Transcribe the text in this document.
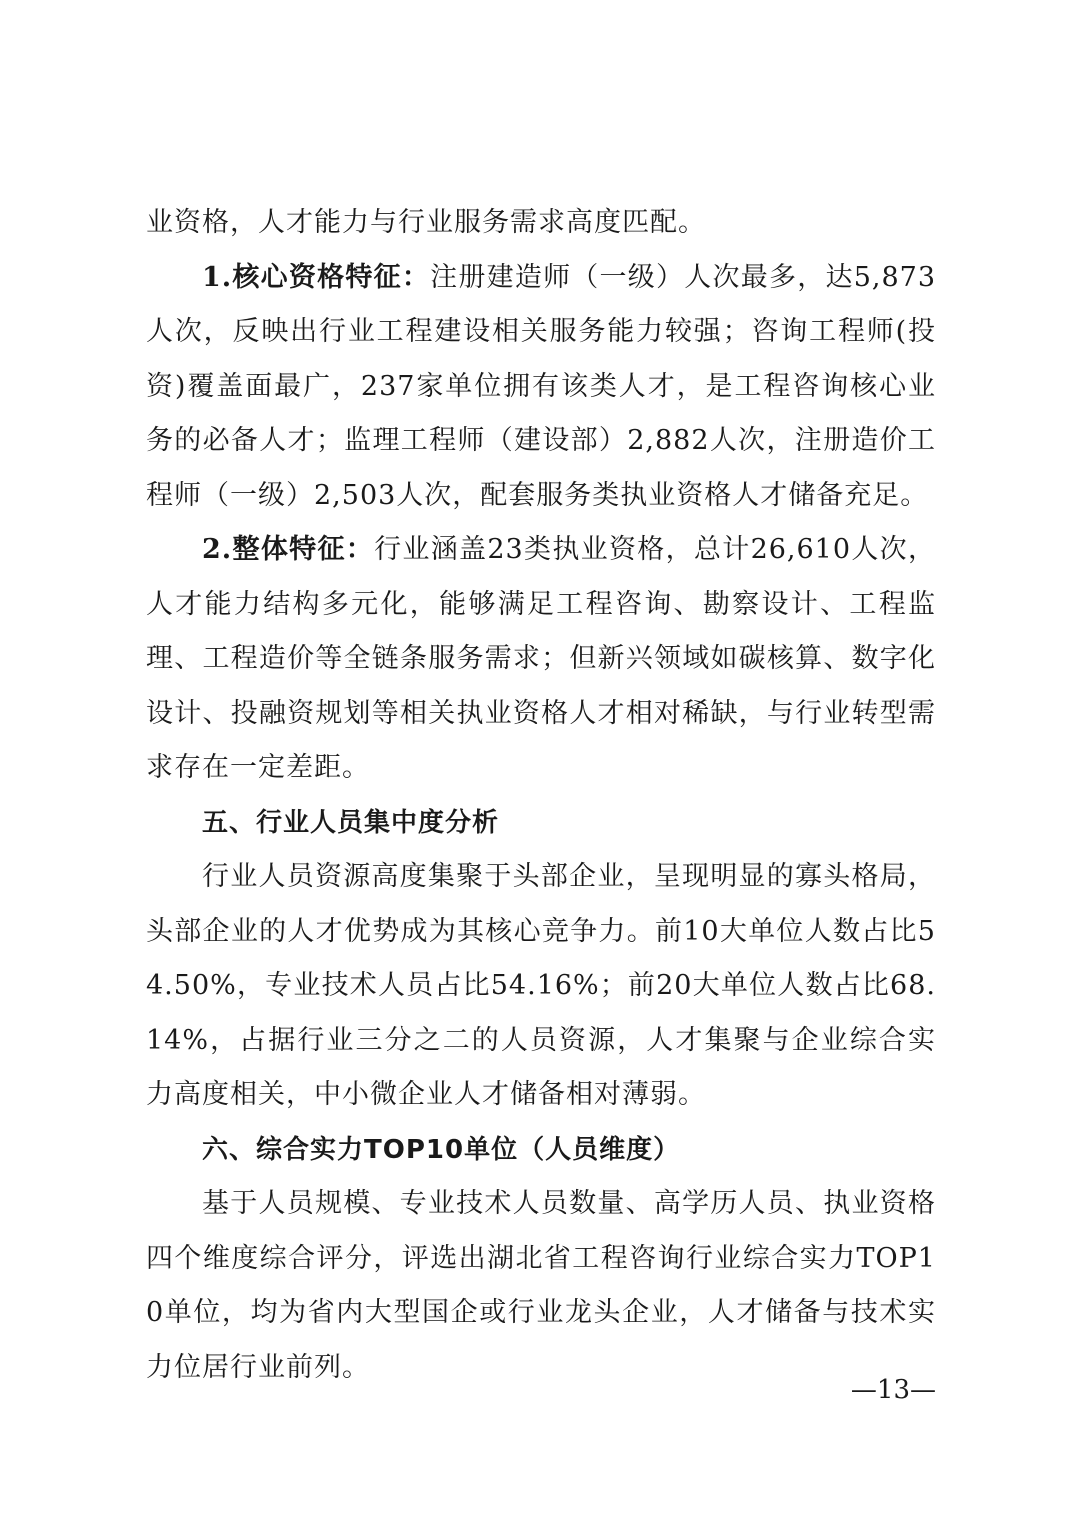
业资格，人才能力与行业服务需求高度匹配。

1.核心资格特征：注册建造师（一级）人次最多，达5,873人次，反映出行业工程建设相关服务能力较强；咨询工程师(投资)覆盖面最广，237家单位拥有该类人才，是工程咨询核心业务的必备人才；监理工程师（建设部）2,882人次，注册造价工程师（一级）2,503人次，配套服务类执业资格人才储备充足。

2.整体特征：行业涵盖23类执业资格，总计26,610人次，人才能力结构多元化，能够满足工程咨询、勘察设计、工程监理、工程造价等全链条服务需求；但新兴领域如碳核算、数字化设计、投融资规划等相关执业资格人才相对稀缺，与行业转型需求存在一定差距。

五、行业人员集中度分析

行业人员资源高度集聚于头部企业，呈现明显的寡头格局，头部企业的人才优势成为其核心竞争力。前10大单位人数占比54.50%，专业技术人员占比54.16%；前20大单位人数占比68.14%，占据行业三分之二的人员资源，人才集聚与企业综合实力高度相关，中小微企业人才储备相对薄弱。

六、综合实力TOP10单位（人员维度）

基于人员规模、专业技术人员数量、高学历人员、执业资格四个维度综合评分，评选出湖北省工程咨询行业综合实力TOP10单位，均为省内大型国企或行业龙头企业，人才储备与技术实力位居行业前列。

—13—
